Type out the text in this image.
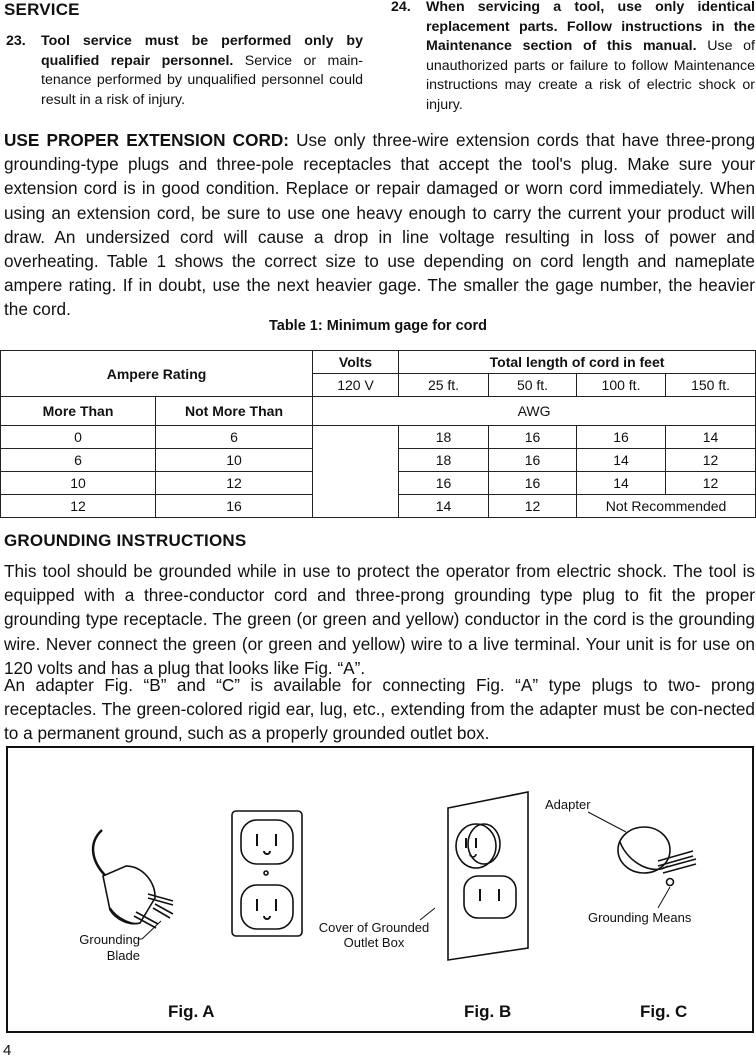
SERVICE
23. Tool service must be performed only by qualified repair personnel. Service or main-tenance performed by unqualified personnel could result in a risk of injury.
24. When servicing a tool, use only identical replacement parts. Follow instructions in the Maintenance section of this manual. Use of unauthorized parts or failure to follow Maintenance instructions may create a risk of electric shock or injury.
USE PROPER EXTENSION CORD: Use only three-wire extension cords that have three-prong grounding-type plugs and three-pole receptacles that accept the tool's plug. Make sure your extension cord is in good condition. Replace or repair damaged or worn cord immediately. When using an extension cord, be sure to use one heavy enough to carry the current your product will draw. An undersized cord will cause a drop in line voltage resulting in loss of power and overheating. Table 1 shows the correct size to use depending on cord length and nameplate ampere rating. If in doubt, use the next heavier gage. The smaller the gage number, the heavier the cord.
Table 1: Minimum gage for cord
Ampere Rating		Volts	Total length of cord in feet			
		120 V	25 ft.	50 ft.	100 ft.	150 ft.
More Than	Not More Than	AWG				
0	6		18	16	16	14
6	10		18	16	14	12
10	12		16	16	14	12
12	16		14	12	Not Recommended	
GROUNDING INSTRUCTIONS
This tool should be grounded while in use to protect the operator from electric shock. The tool is equipped with a three-conductor cord and three-prong grounding type plug to fit the proper grounding type receptacle. The green (or green and yellow) conductor in the cord is the grounding wire. Never connect the green (or green and yellow) wire to a live terminal. Your unit is for use on 120 volts and has a plug that looks like Fig. “A”.
An adapter Fig. “B” and “C” is available for connecting Fig. “A” type plugs to two- prong receptacles. The green-colored rigid ear, lug, etc., extending from the adapter must be con-nected to a permanent ground, such as a properly grounded outlet box.
Grounding
Blade
Cover of Grounded
Outlet Box
Adapter
Grounding Means
Fig. A	Fig. B	Fig. C
4
